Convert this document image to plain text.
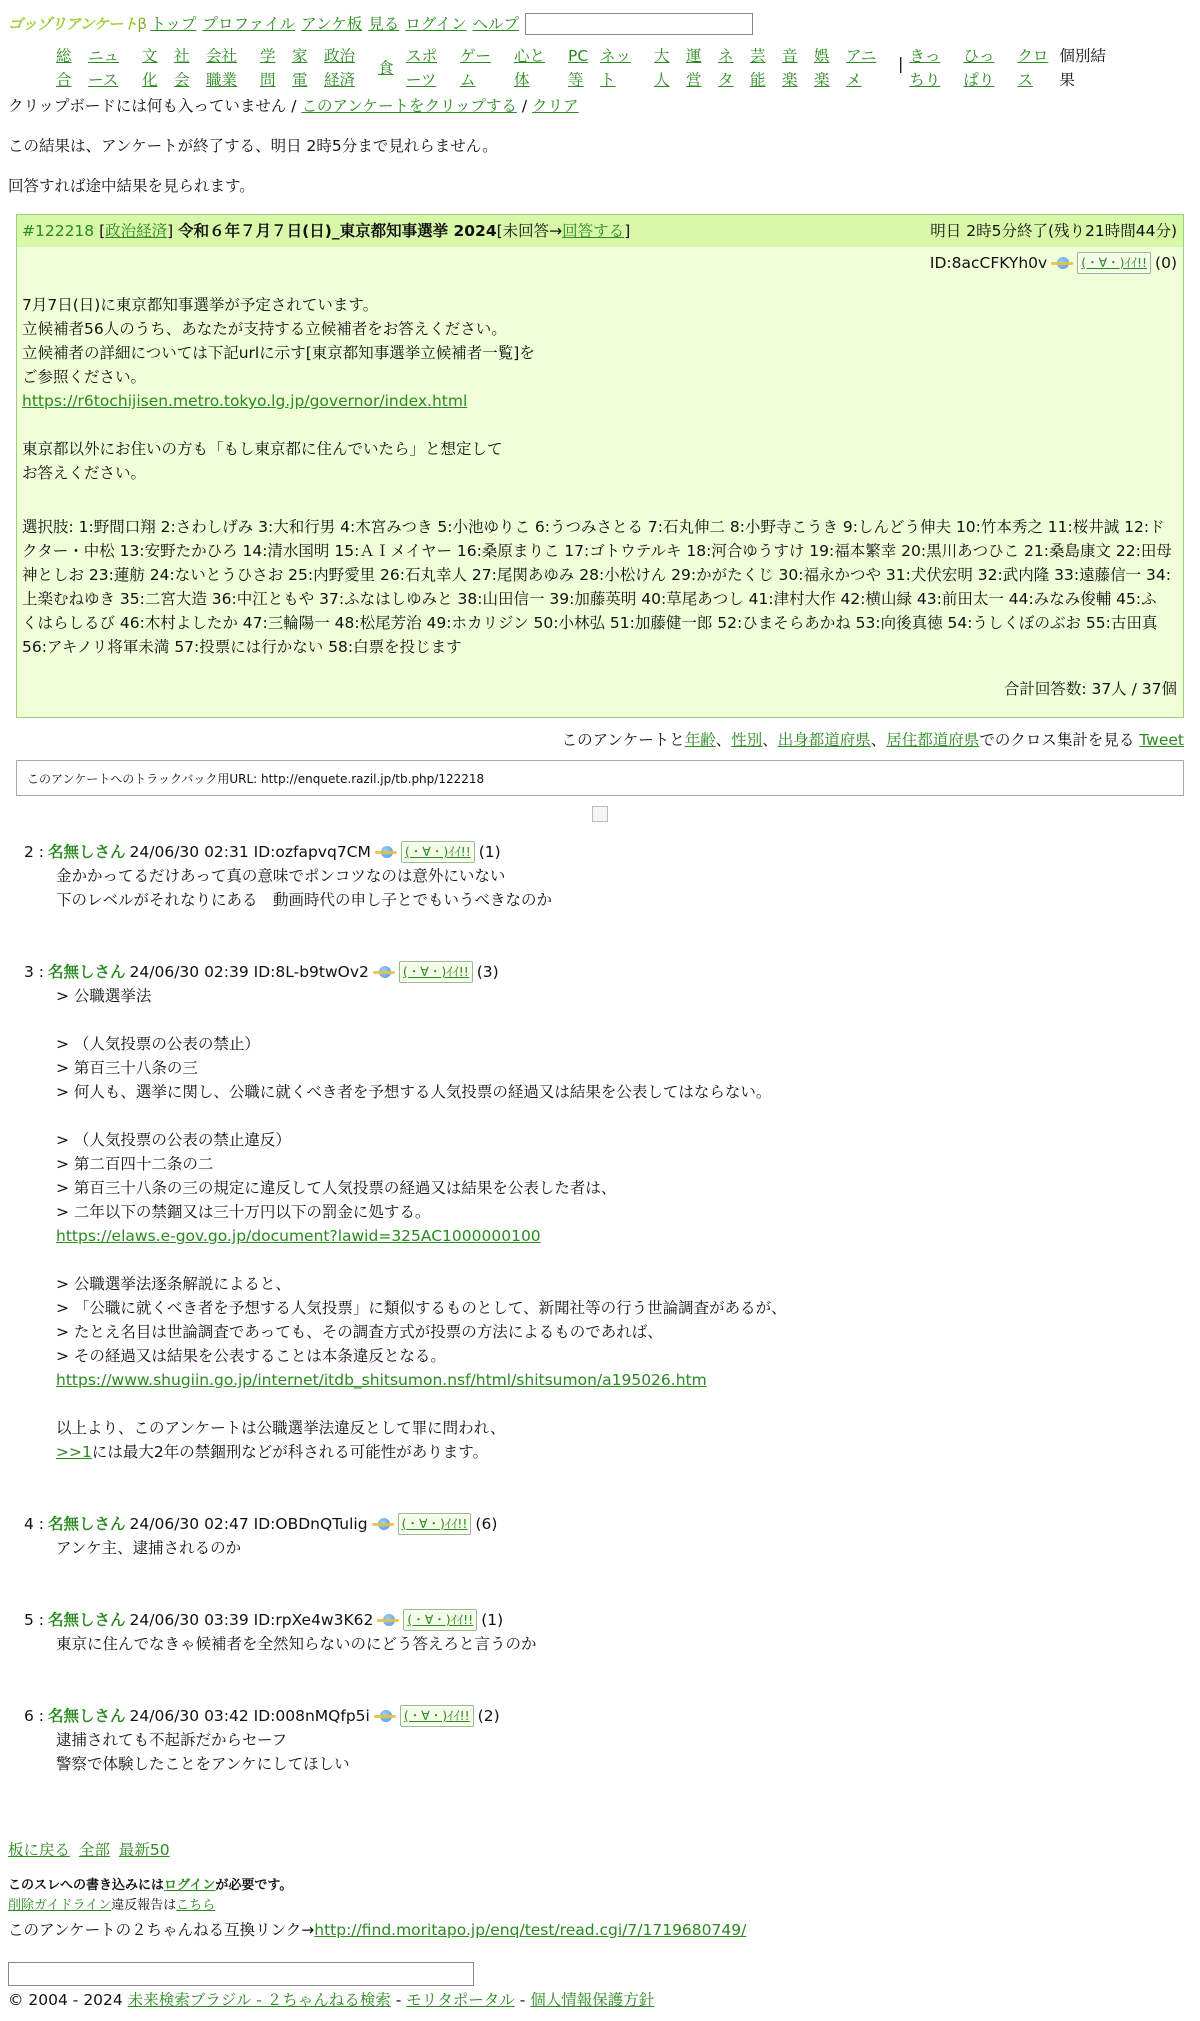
ゴッゾリアンケートβ トップ プロファイル アンケ板 見る ログイン ヘルプ
総合
ニュース
文化
社会
会社職業
学問
家電
政治経済
食
スポーツ
ゲーム
心と体
PC等
ネット
大人
運営
ネタ
芸能
音楽
娯楽
アニメ
| きっちり
ひっぱり
クロス
個別結果
クリップボードには何も入っていません / このアンケートをクリップする / クリア
この結果は、アンケートが終了する、明日 2時5分まで見れらません。
回答すれば途中結果を見られます。
#122218 [政治経済] 令和６年７月７日(日)_東京都知事選挙 2024[未回答→回答する]	明日 2時5分終了(残り21時間44分)
ID:8acCFKYh0v	(・∀・)ｲｲ!! (0)
7月7日(日)に東京都知事選挙が予定されています。
立候補者56人のうち、あなたが支持する立候補者をお答えください。
立候補者の詳細については下記urlに示す[東京都知事選挙立候補者一覧]を
ご参照ください。
https://r6tochijisen.metro.tokyo.lg.jp/governor/index.html
東京都以外にお住いの方も「もし東京都に住んでいたら」と想定して
お答えください。
選択肢: 1:野間口翔 2:さわしげみ 3:大和行男 4:木宮みつき 5:小池ゆりこ 6:うつみさとる 7:石丸伸二 8:小野寺こうき 9:しんどう伸夫 10:竹本秀之 11:桜井誠 12:ドクター・中松 13:安野たかひろ 14:清水国明 15:ＡＩメイヤー 16:桑原まりこ 17:ゴトウテルキ 18:河合ゆうすけ 19:福本繁幸 20:黒川あつひこ 21:桑島康文 22:田母神としお 23:蓮舫 24:ないとうひさお 25:内野愛里 26:石丸幸人 27:尾関あゆみ 28:小松けん 29:かがたくじ 30:福永かつや 31:犬伏宏明 32:武内隆 33:遠藤信一 34:上楽むねゆき 35:二宮大造 36:中江ともや 37:ふなはしゆみと 38:山田信一 39:加藤英明 40:草尾あつし 41:津村大作 42:横山緑 43:前田太一 44:みなみ俊輔 45:ふくはらしるび 46:木村よしたか 47:三輪陽一 48:松尾芳治 49:ホカリジン 50:小林弘 51:加藤健一郎 52:ひまそらあかね 53:向後真徳 54:うしくぼのぶお 55:古田真 56:アキノリ将軍未満 57:投票には行かない 58:白票を投じます
合計回答数: 37人 / 37個
このアンケートと年齢、性別、出身都道府県、居住都道府県でのクロス集計を見る Tweet
このアンケートへのトラックバック用URL: http://enquete.razil.jp/tb.php/122218
2 : 名無しさん 24/06/30 02:31 ID:ozfapvq7CM	(・∀・)ｲｲ!! (1)
金かかってるだけあって真の意味でポンコツなのは意外にいない
下のレベルがそれなりにある　動画時代の申し子とでもいうべきなのか
3 : 名無しさん 24/06/30 02:39 ID:8L-b9twOv2	(・∀・)ｲｲ!! (3)
> 公職選挙法
> （人気投票の公表の禁止）
> 第百三十八条の三
> 何人も、選挙に関し、公職に就くべき者を予想する人気投票の経過又は結果を公表してはならない。
> （人気投票の公表の禁止違反）
> 第二百四十二条の二
> 第百三十八条の三の規定に違反して人気投票の経過又は結果を公表した者は、
> 二年以下の禁錮又は三十万円以下の罰金に処する。
https://elaws.e-gov.go.jp/document?lawid=325AC1000000100
> 公職選挙法逐条解説によると、
> 「公職に就くべき者を予想する人気投票」に類似するものとして、新聞社等の行う世論調査があるが、
> たとえ名目は世論調査であっても、その調査方式が投票の方法によるものであれば、
> その経過又は結果を公表することは本条違反となる。
https://www.shugiin.go.jp/internet/itdb_shitsumon.nsf/html/shitsumon/a195026.htm
以上より、このアンケートは公職選挙法違反として罪に問われ、
>>1には最大2年の禁錮刑などが科される可能性があります。
4 : 名無しさん 24/06/30 02:47 ID:OBDnQTulig	(・∀・)ｲｲ!! (6)
アンケ主、逮捕されるのか
5 : 名無しさん 24/06/30 03:39 ID:rpXe4w3K62	(・∀・)ｲｲ!! (1)
東京に住んでなきゃ候補者を全然知らないのにどう答えろと言うのか
6 : 名無しさん 24/06/30 03:42 ID:008nMQfp5i	(・∀・)ｲｲ!! (2)
逮捕されても不起訴だからセーフ
警察で体験したことをアンケにしてほしい
板に戻る 全部 最新50
このスレへの書き込みにはログインが必要です。
削除ガイドライン違反報告はこちら
このアンケートの２ちゃんねる互換リンク→http://find.moritapo.jp/enq/test/read.cgi/7/1719680749/
© 2004 - 2024 未来検索ブラジル - ２ちゃんねる検索 - モリタポータル - 個人情報保護方針
